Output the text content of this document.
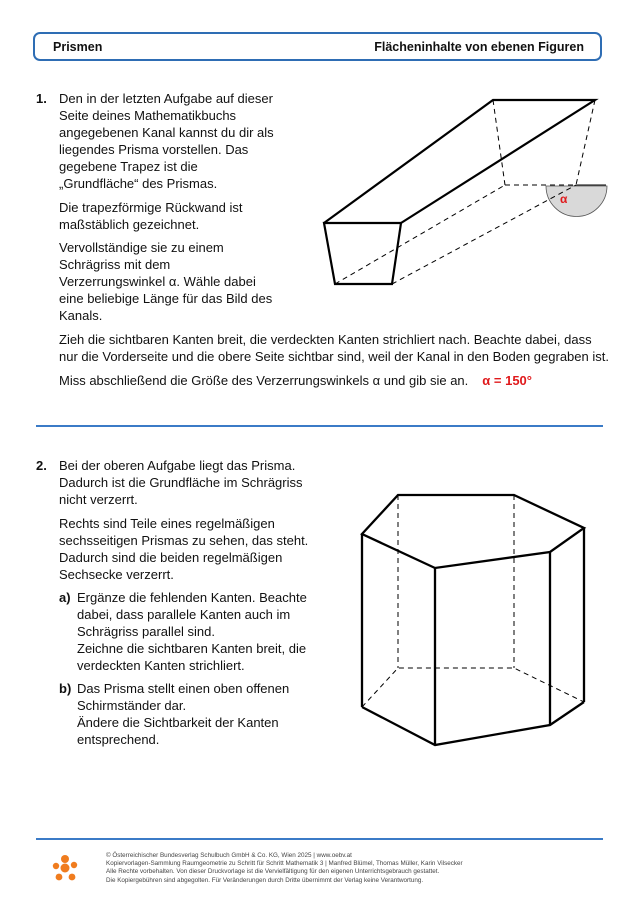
Prismen	Flächeninhalte von ebenen Figuren
1. Den in der letzten Aufgabe auf dieser

Seite deines Mathematikbuchs

angegebenen Kanal kannst du dir als

liegendes Prisma vorstellen. Das

gegebene Trapez ist die

„Grundfläche“ des Prismas.

Die trapezförmige Rückwand ist

maßstäblich gezeichnet.

Vervollständige sie zu einem

Schrägriss mit dem

Verzerrungswinkel α. Wähle dabei

eine beliebige Länge für das Bild des

Kanals.

Zieh die sichtbaren Kanten breit, die verdeckten Kanten strichliert nach. Beachte dabei, dass

nur die Vorderseite und die obere Seite sichtbar sind, weil der Kanal in den Boden gegraben ist.

Miss abschließend die Größe des Verzerrungswinkels α und gib sie an. α = 150°

α
2. Bei der oberen Aufgabe liegt das Prisma.

Dadurch ist die Grundfläche im Schrägriss

nicht verzerrt.

Rechts sind Teile eines regelmäßigen

sechsseitigen Prismas zu sehen, das steht.

Dadurch sind die beiden regelmäßigen

Sechsecke verzerrt.

a) Ergänze die fehlenden Kanten. Beachte

dabei, dass parallele Kanten auch im

Schrägriss parallel sind.

Zeichne die sichtbaren Kanten breit, die

verdeckten Kanten strichliert.

b) Das Prisma stellt einen oben offenen

Schirmständer dar.

Ändere die Sichtbarkeit der Kanten

entsprechend.

© Österreichischer Bundesverlag Schulbuch GmbH & Co. KG, Wien 2025 | www.oebv.at
Kopiervorlagen-Sammlung Raumgeometrie zu Schritt für Schritt Mathematik 3 | Manfred Blümel, Thomas Müller, Karin Vilsecker
Alle Rechte vorbehalten. Von dieser Druckvorlage ist die Vervielfältigung für den eigenen Unterrichtsgebrauch gestattet.
Die Kopiergebühren sind abgegolten. Für Veränderungen durch Dritte übernimmt der Verlag keine Verantwortung.
